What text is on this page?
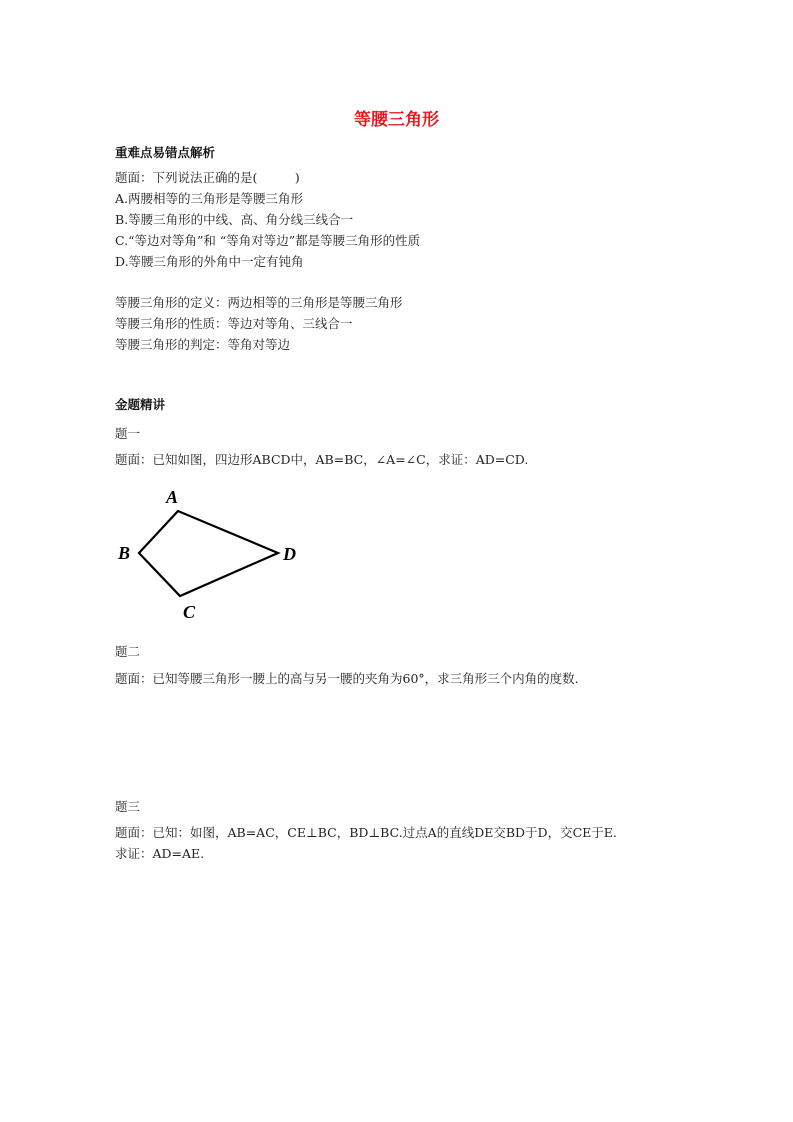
等腰三角形
重难点易错点解析
题面：下列说法正确的是(　　　)
A.两腰相等的三角形是等腰三角形
B.等腰三角形的中线、高、角分线三线合一
C.“等边对等角”和 “等角对等边”都是等腰三角形的性质
D.等腰三角形的外角中一定有钝角
等腰三角形的定义：两边相等的三角形是等腰三角形
等腰三角形的性质：等边对等角、三线合一
等腰三角形的判定：等角对等边
金题精讲
题一
题面：已知如图，四边形ABCD中，AB=BC，∠A=∠C，求证：AD=CD.
A
B
C
D
题二
题面：已知等腰三角形一腰上的高与另一腰的夹角为60°，求三角形三个内角的度数.
题三
题面：已知：如图，AB=AC，CE⊥BC，BD⊥BC.过点A的直线DE交BD于D，交CE于E.
求证：AD=AE.
